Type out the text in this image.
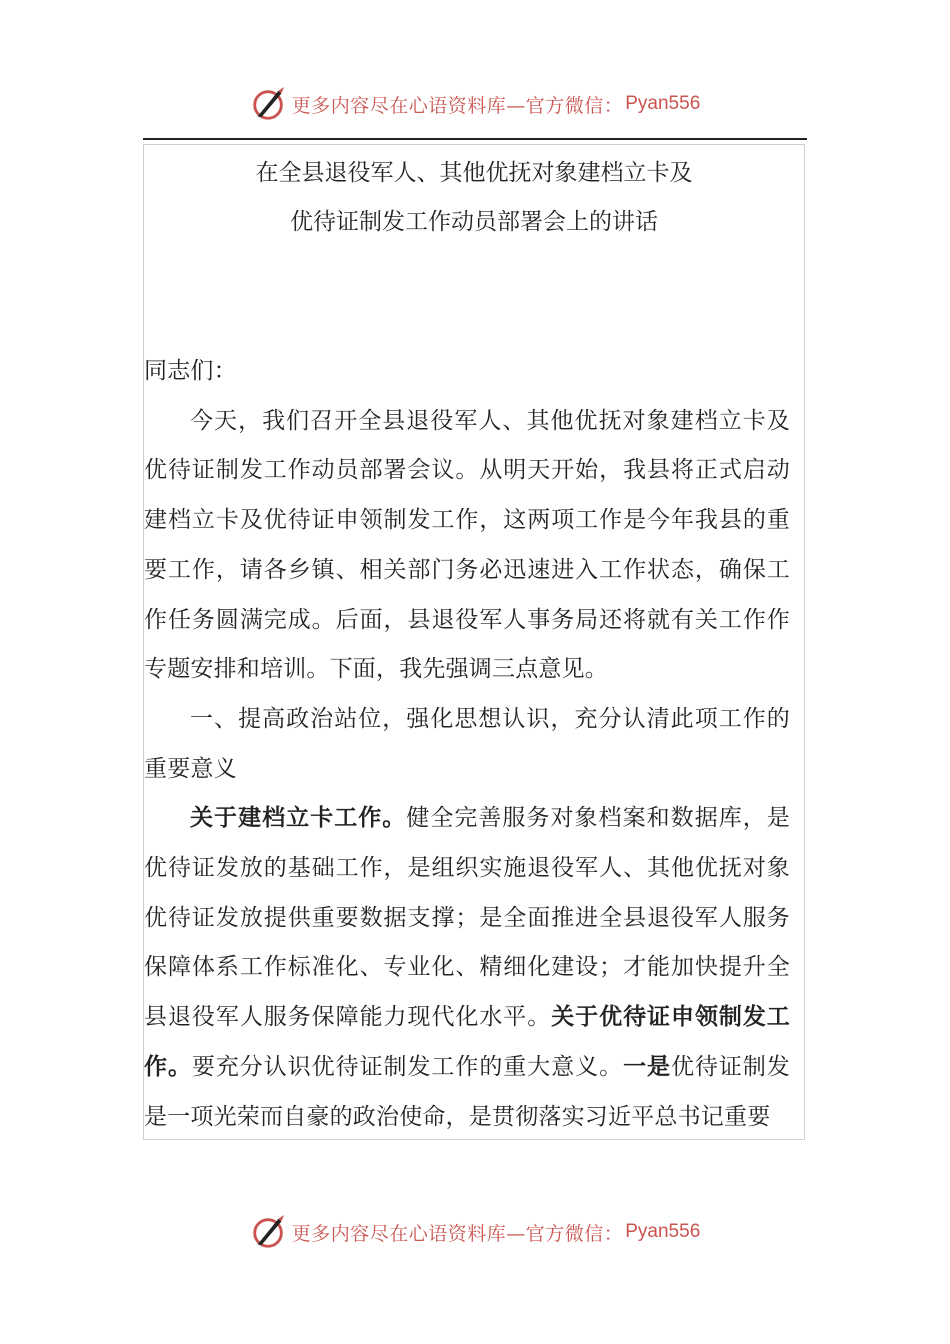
更多内容尽在心语资料库—官方微信： Pyan556
在全县退役军人、其他优抚对象建档立卡及
优待证制发工作动员部署会上的讲话

同志们：

今天，我们召开全县退役军人、其他优抚对象建档立卡及优待证制发工作动员部署会议。从明天开始，我县将正式启动建档立卡及优待证申领制发工作，这两项工作是今年我县的重要工作，请各乡镇、相关部门务必迅速进入工作状态，确保工作任务圆满完成。后面，县退役军人事务局还将就有关工作作专题安排和培训。下面，我先强调三点意见。

一、提高政治站位，强化思想认识，充分认清此项工作的重要意义

关于建档立卡工作。健全完善服务对象档案和数据库，是优待证发放的基础工作，是组织实施退役军人、其他优抚对象优待证发放提供重要数据支撑；是全面推进全县退役军人服务保障体系工作标准化、专业化、精细化建设；才能加快提升全县退役军人服务保障能力现代化水平。关于优待证申领制发工作。要充分认识优待证制发工作的重大意义。一是优待证制发是一项光荣而自豪的政治使命，是贯彻落实习近平总书记重要

更多内容尽在心语资料库—官方微信： Pyan556
